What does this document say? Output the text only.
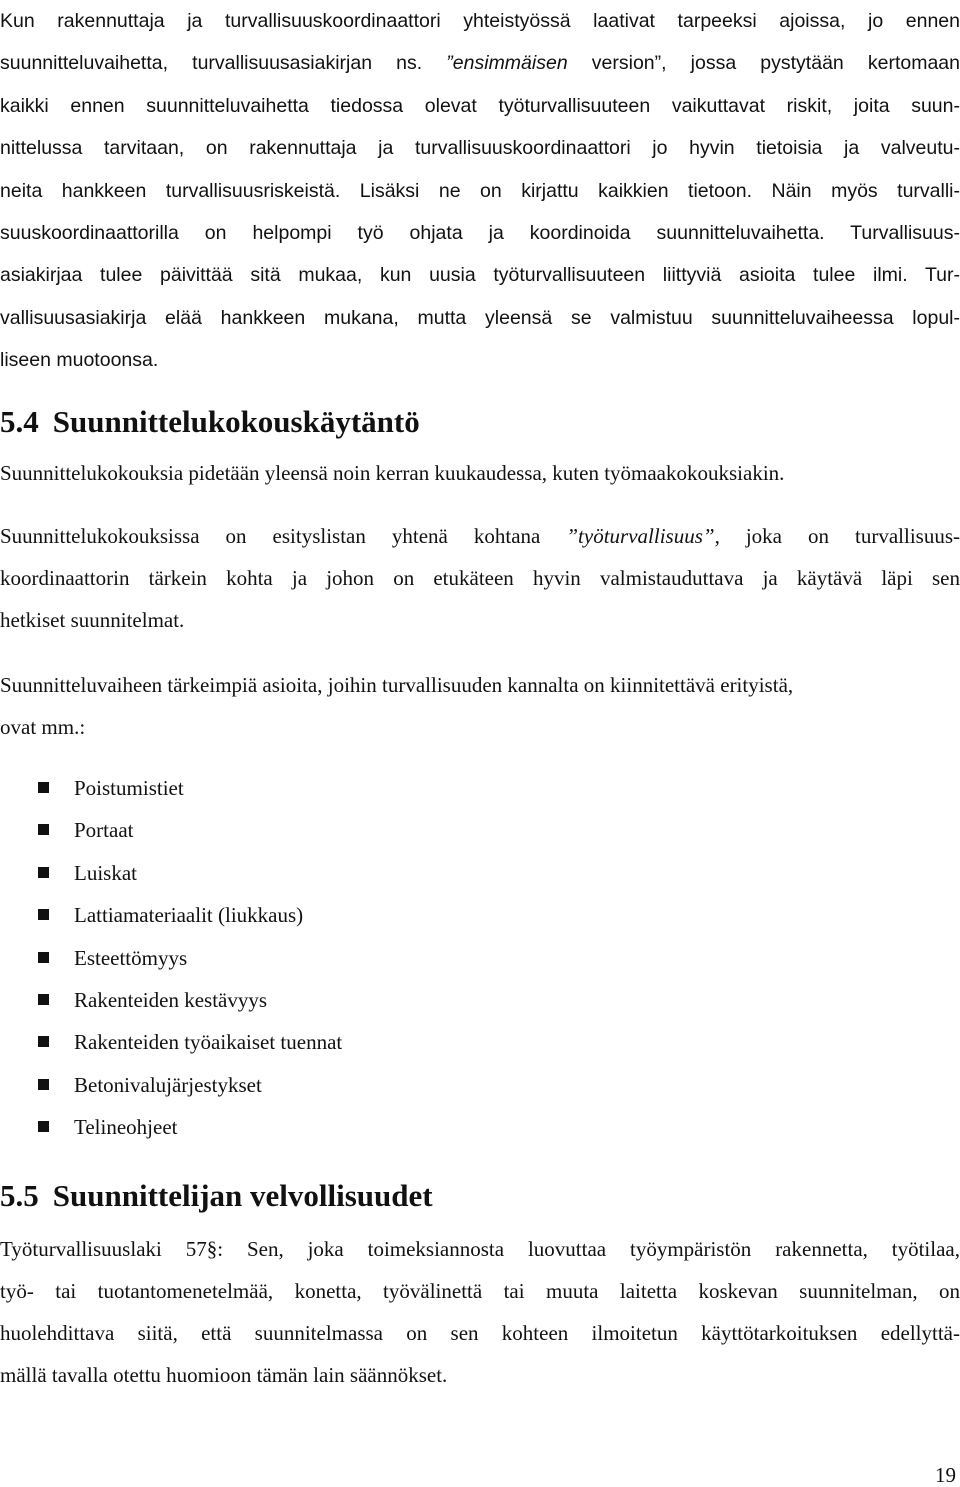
Kun rakennuttaja ja turvallisuuskoordinaattori yhteistyössä laativat tarpeeksi ajoissa, jo ennen
suunnitteluvaihetta, turvallisuusasiakirjan ns. ”ensimmäisen version”, jossa pystytään kertomaan
kaikki ennen suunnitteluvaihetta tiedossa olevat työturvallisuuteen vaikuttavat riskit, joita suun-
nittelussa tarvitaan, on rakennuttaja ja turvallisuuskoordinaattori jo hyvin tietoisia ja valveutu-
neita hankkeen turvallisuusriskeistä. Lisäksi ne on kirjattu kaikkien tietoon. Näin myös turvalli-
suuskoordinaattorilla on helpompi työ ohjata ja koordinoida suunnitteluvaihetta. Turvallisuus-
asiakirjaa tulee päivittää sitä mukaa, kun uusia työturvallisuuteen liittyviä asioita tulee ilmi. Tur-
vallisuusasiakirja elää hankkeen mukana, mutta yleensä se valmistuu suunnitteluvaiheessa lopul-
liseen muotoonsa.
5.4 Suunnittelukokouskäytäntö
Suunnittelukokouksia pidetään yleensä noin kerran kuukaudessa, kuten työmaakokouksiakin.
Suunnittelukokouksissa on esityslistan yhtenä kohtana ”työturvallisuus”, joka on turvallisuus-
koordinaattorin tärkein kohta ja johon on etukäteen hyvin valmistauduttava ja käytävä läpi sen
hetkiset suunnitelmat.
Suunnitteluvaiheen tärkeimpiä asioita, joihin turvallisuuden kannalta on kiinnitettävä erityistä,
ovat mm.:
Poistumistiet
Portaat
Luiskat
Lattiamateriaalit (liukkaus)
Esteettömyys
Rakenteiden kestävyys
Rakenteiden työaikaiset tuennat
Betonivalujärjestykset
Telineohjeet
5.5 Suunnittelijan velvollisuudet
Työturvallisuuslaki 57§: Sen, joka toimeksiannosta luovuttaa työympäristön rakennetta, työtilaa,
työ- tai tuotantomenetelmää, konetta, työvälinettä tai muuta laitetta koskevan suunnitelman, on
huolehdittava siitä, että suunnitelmassa on sen kohteen ilmoitetun käyttötarkoituksen edellyttä-
mällä tavalla otettu huomioon tämän lain säännökset.
19
